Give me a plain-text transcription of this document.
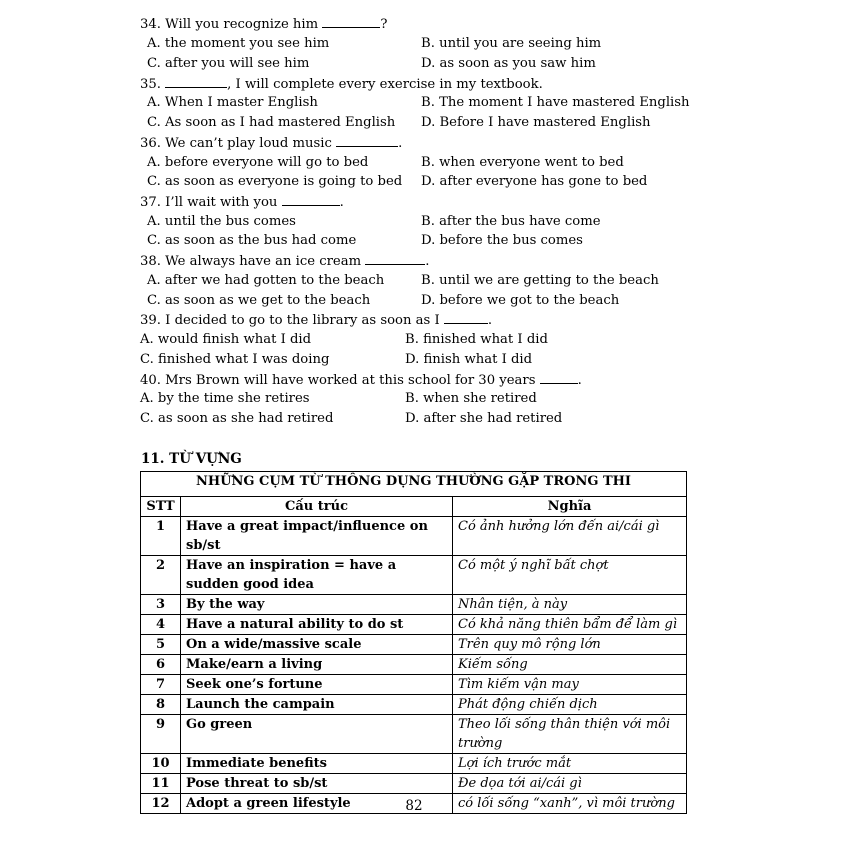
34. Will you recognize him	?
A. the moment you see him	B. until you are seeing him
C. after you will see him	D. as soon as you saw him
35.	, I will complete every exercise in my textbook.
A. When I master English	B. The moment I have mastered English
C. As soon as I had mastered English D. Before I have mastered English
36. We can’t play loud music	.
A. before everyone will go to bed	B. when everyone went to bed
C. as soon as everyone is going to bed D. after everyone has gone to bed
37. I’ll wait with you	.
A. until the bus comes	B. after the bus have come
C. as soon as the bus had come	D. before the bus comes
38. We always have an ice cream	.
A. after we had gotten to the beach	B. until we are getting to the beach
C. as soon as we get to the beach	D. before we got to the beach
39. I decided to go to the library as soon as I	.
A. would finish what I did	B. finished what I did
C. finished what I was doing	D. finish what I did
40. Mrs Brown will have worked at this school for 30 years	.
A. by the time she retires	B. when she retired
C. as soon as she had retired	D. after she had retired
11. TỪ VỰNG
NHỮNG CỤM TỪ THÔNG DỤNG THƯỜNG GẶP TRONG THI		
STT	Cấu trúc	Nghĩa
1	Have a great impact/influence on sb/st	Có ảnh hưởng lớn đến ai/cái gì
2	Have an inspiration = have a sudden good idea	Có một ý nghĩ bất chợt
3	By the way	Nhân tiện, à này
4	Have a natural ability to do st	Có khả năng thiên bẩm để làm gì
5	On a wide/massive scale	Trên quy mô rộng lớn
6	Make/earn a living	Kiếm sống
7	Seek one’s fortune	Tìm kiếm vận may
8	Launch the campain	Phát động chiến dịch
9	Go green	Theo lối sống thân thiện với môi trường
10	Immediate benefits	Lợi ích trước mắt
11	Pose threat to sb/st	Đe dọa tới ai/cái gì
12	Adopt a green lifestyle	có lối sống “xanh”, vì môi trường
82
